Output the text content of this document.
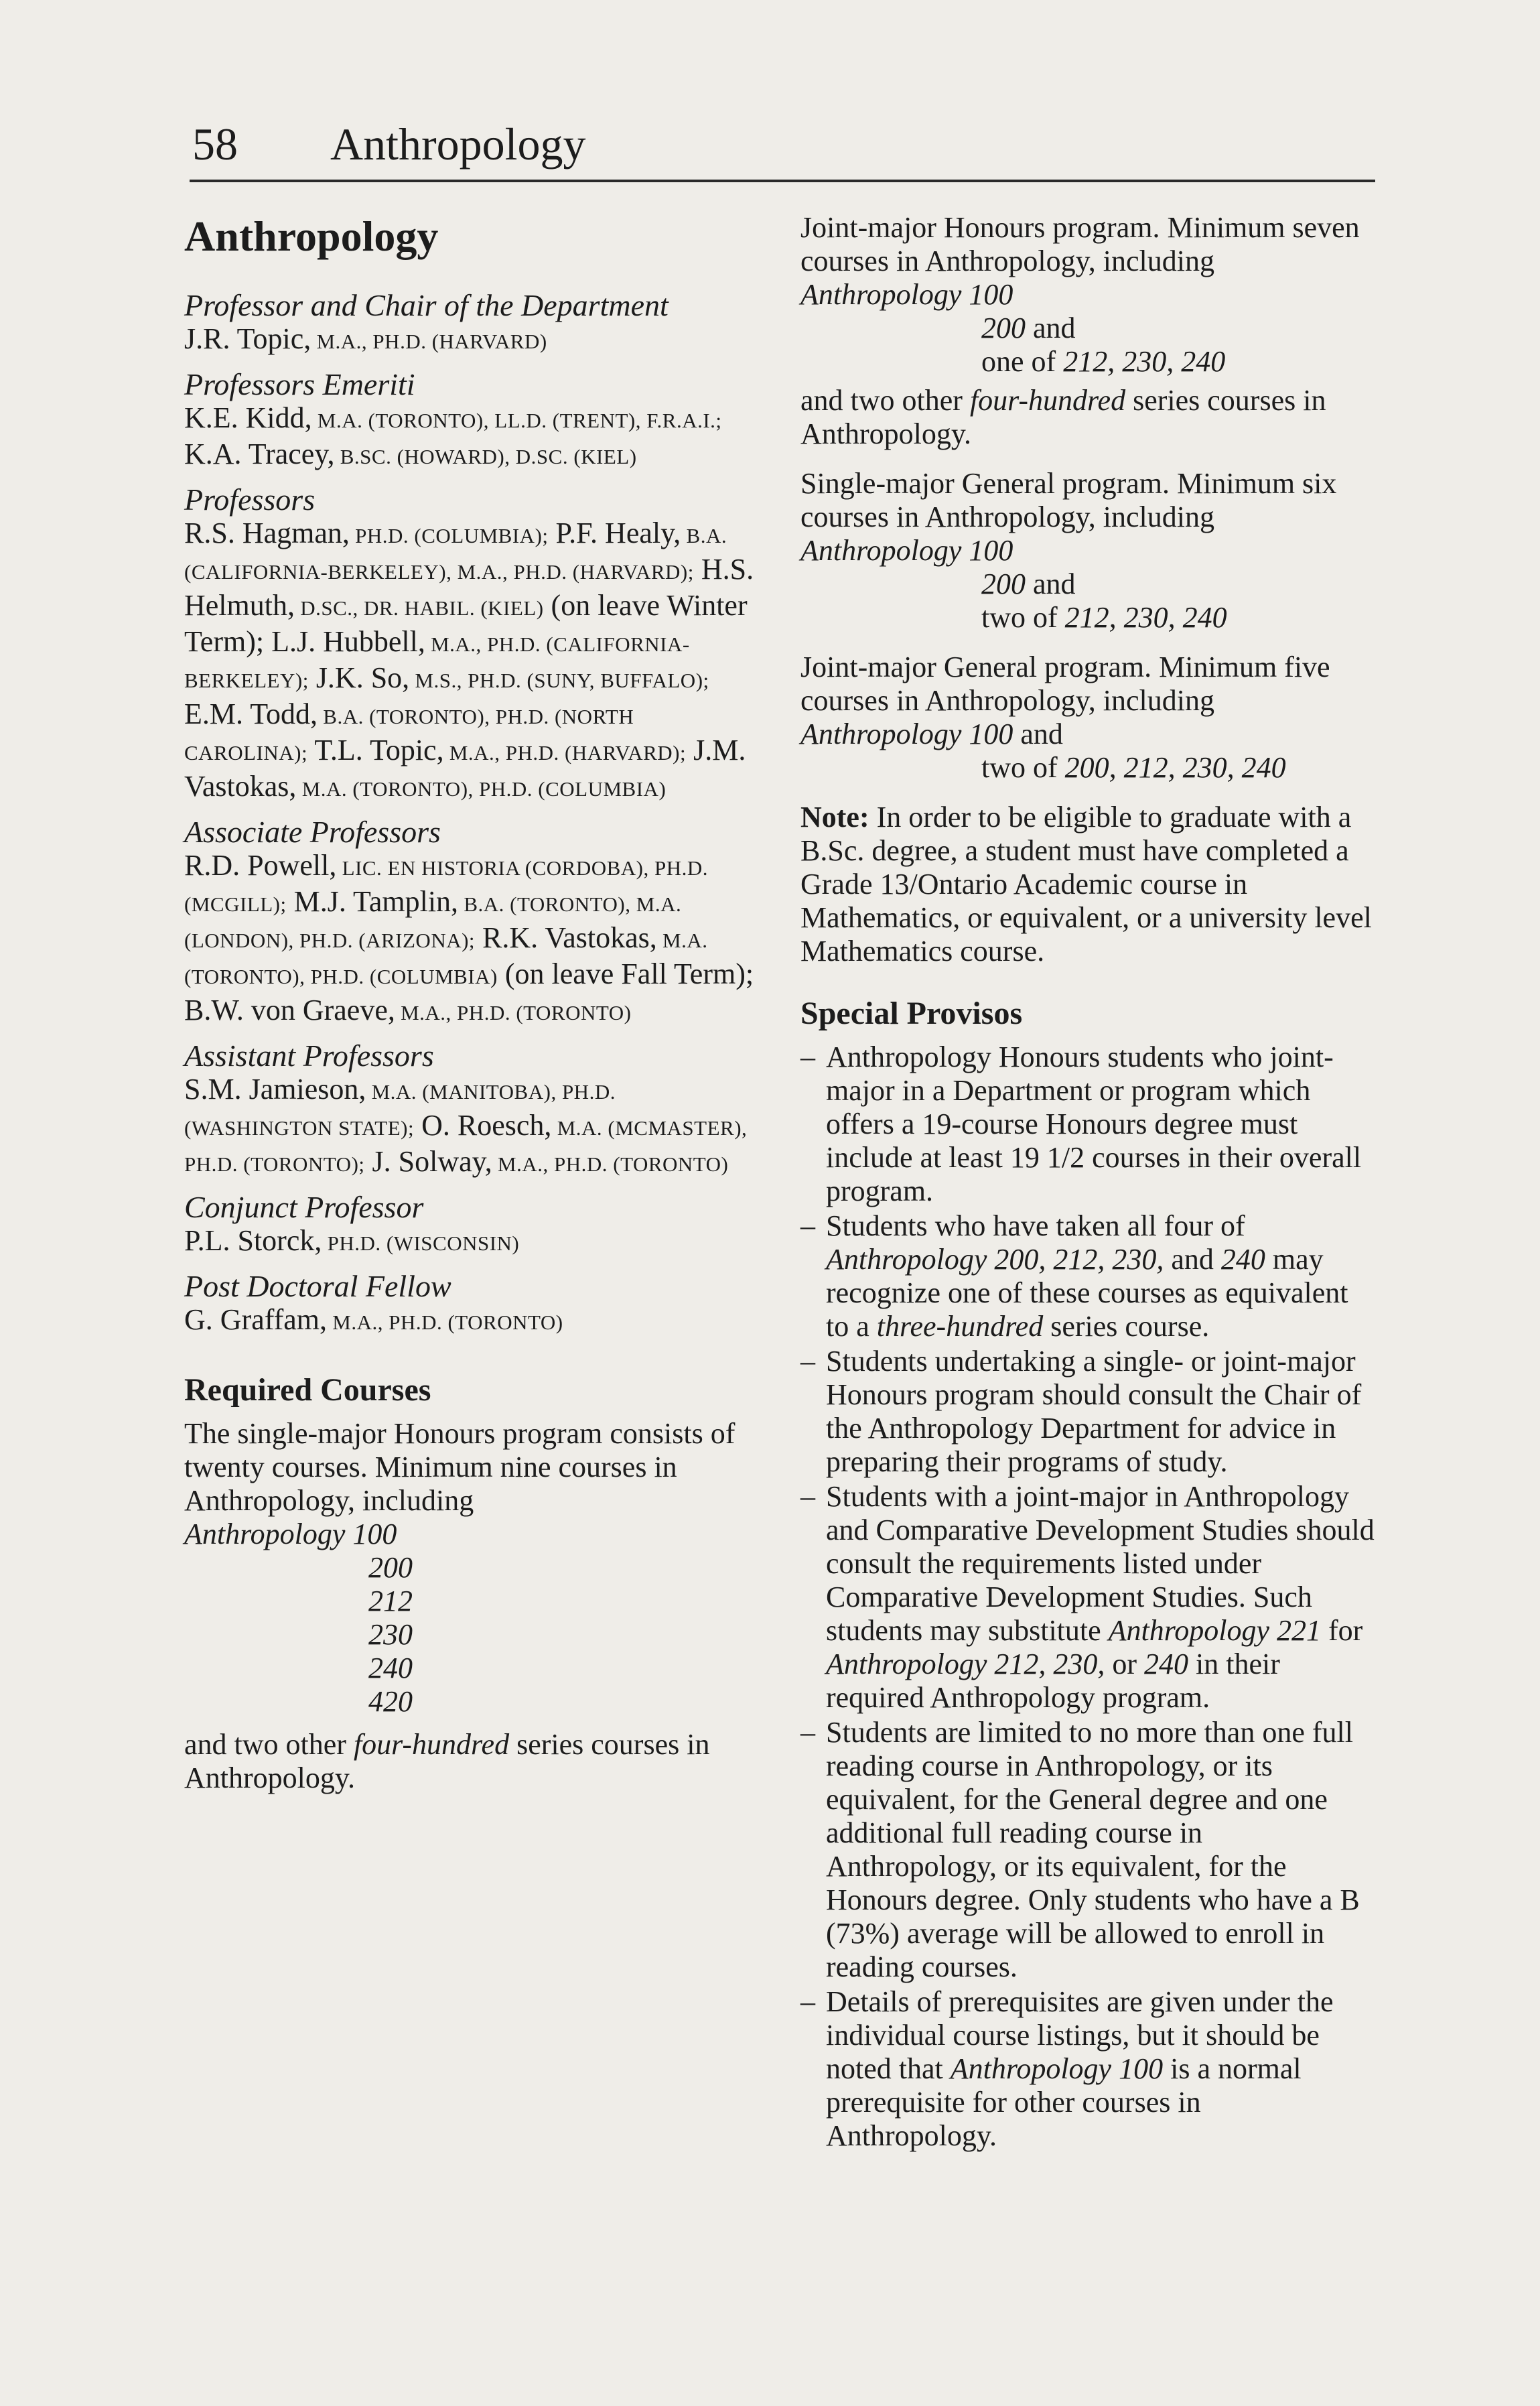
58 Anthropology
Anthropology
Professor and Chair of the Department
J.R. Topic, M.A., PH.D. (HARVARD)
Professors Emeriti
K.E. Kidd, M.A. (TORONTO), LL.D. (TRENT), F.R.A.I.; K.A. Tracey, B.SC. (HOWARD), D.SC. (KIEL)
Professors
R.S. Hagman, PH.D. (COLUMBIA); P.F. Healy, B.A. (CALIFORNIA-BERKELEY), M.A., PH.D. (HARVARD); H.S. Helmuth, D.SC., DR. HABIL. (KIEL) (on leave Winter Term); L.J. Hubbell, M.A., PH.D. (CALIFORNIA-BERKELEY); J.K. So, M.S., PH.D. (SUNY, BUFFALO); E.M. Todd, B.A. (TORONTO), PH.D. (NORTH CAROLINA); T.L. Topic, M.A., PH.D. (HARVARD); J.M. Vastokas, M.A. (TORONTO), PH.D. (COLUMBIA)
Associate Professors
R.D. Powell, LIC. EN HISTORIA (CORDOBA), PH.D. (MCGILL); M.J. Tamplin, B.A. (TORONTO), M.A. (LONDON), PH.D. (ARIZONA); R.K. Vastokas, M.A. (TORONTO), PH.D. (COLUMBIA) (on leave Fall Term); B.W. von Graeve, M.A., PH.D. (TORONTO)
Assistant Professors
S.M. Jamieson, M.A. (MANITOBA), PH.D. (WASHINGTON STATE); O. Roesch, M.A. (MCMASTER), PH.D. (TORONTO); J. Solway, M.A., PH.D. (TORONTO)
Conjunct Professor
P.L. Storck, PH.D. (WISCONSIN)
Post Doctoral Fellow
G. Graffam, M.A., PH.D. (TORONTO)
Required Courses

The single-major Honours program consists of twenty courses. Minimum nine courses in Anthropology, including
Anthropology 100

200
212
230
240
420

and two other four-hundred series courses in Anthropology.

Joint-major Honours program. Minimum seven courses in Anthropology, including
Anthropology 100
200 and
one of 212, 230, 240
and two other four-hundred series courses in Anthropology.
Single-major General program. Minimum six courses in Anthropology, including
Anthropology 100
200 and
two of 212, 230, 240
Joint-major General program. Minimum five courses in Anthropology, including
Anthropology 100 and
two of 200, 212, 230, 240

Note: In order to be eligible to graduate with a B.Sc. degree, a student must have completed a Grade 13/Ontario Academic course in Mathematics, or equivalent, or a university level Mathematics course.

Special Provisos
– Anthropology Honours students who joint-major in a Department or program which offers a 19-course Honours degree must include at least 19 1/2 courses in their overall program.
– Students who have taken all four of Anthropology 200, 212, 230, and 240 may recognize one of these courses as equivalent to a three-hundred series course.
– Students undertaking a single- or joint-major Honours program should consult the Chair of the Anthropology Department for advice in preparing their programs of study.
– Students with a joint-major in Anthropology and Comparative Development Studies should consult the requirements listed under Comparative Development Studies. Such students may substitute Anthropology 221 for Anthropology 212, 230, or 240 in their required Anthropology program.
– Students are limited to no more than one full reading course in Anthropology, or its equivalent, for the General degree and one additional full reading course in Anthropology, or its equivalent, for the Honours degree. Only students who have a B (73%) average will be allowed to enroll in reading courses.
– Details of prerequisites are given under the individual course listings, but it should be noted that Anthropology 100 is a normal prerequisite for other courses in Anthropology.
